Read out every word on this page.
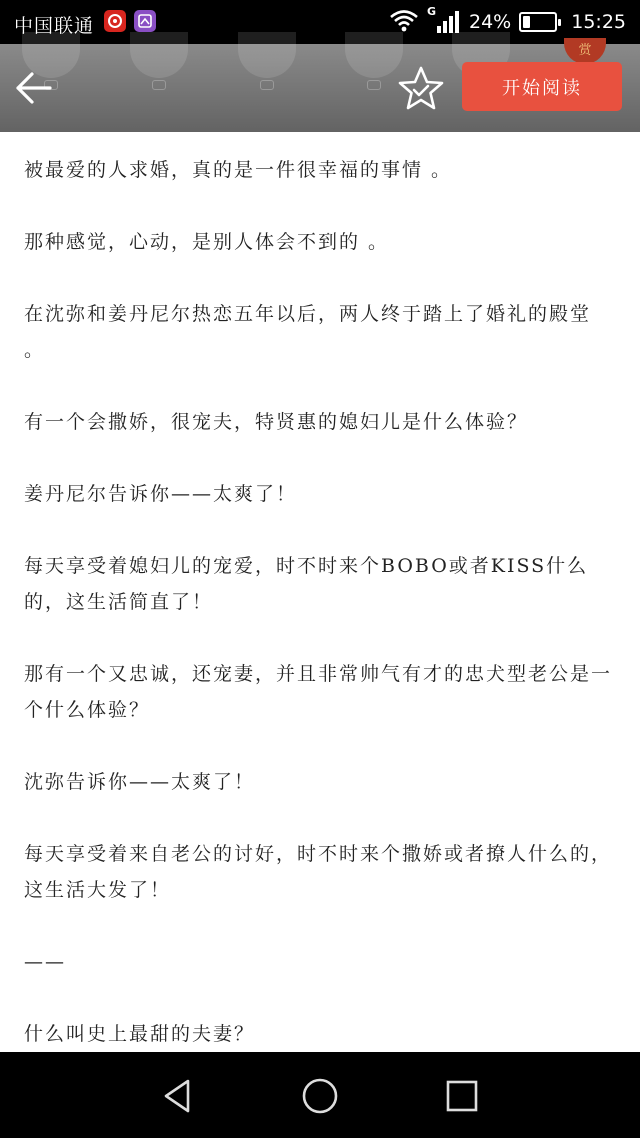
中国联通
G 24%	15:25
赏
开始阅读

被最爱的人求婚，真的是一件很幸福的事情 。

那种感觉，心动，是别人体会不到的 。

在沈弥和姜丹尼尔热恋五年以后，两人终于踏上了婚礼的殿堂 。

有一个会撒娇，很宠夫，特贤惠的媳妇儿是什么体验？

姜丹尼尔告诉你——太爽了！

每天享受着媳妇儿的宠爱，时不时来个BOBO或者KISS什么的，这生活简直了！

那有一个又忠诚，还宠妻，并且非常帅气有才的忠犬型老公是一个什么体验？

沈弥告诉你——太爽了！

每天享受着来自老公的讨好，时不时来个撒娇或者撩人什么的，这生活大发了！

——

什么叫史上最甜的夫妻？
